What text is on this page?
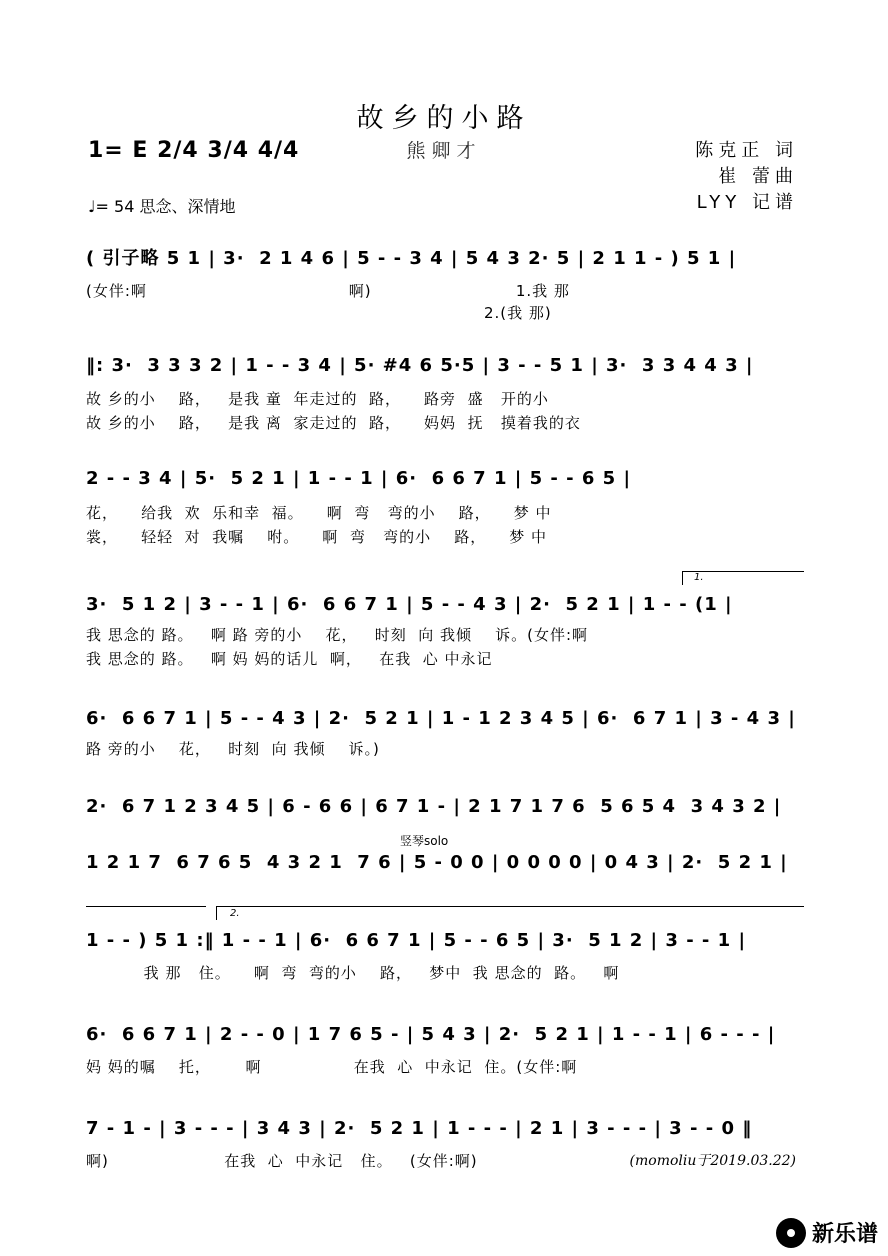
故乡的小路
1= E 2/4 3/4 4/4	熊卿才	陈克正 词
崔 蕾曲
LYY 记谱
♩= 54 思念、深情地
( 引子略 5 1 | 3·  2 1 4 6 | 5 - - 3 4 | 5 4 3 2· 5 | 2 1 1 - ) 5 1 |
(女伴:啊                                   啊)                         1.我 那
2.(我 那)
‖: 3·  3 3 3 2 | 1 - - 3 4 | 5· #4 6 5·5 | 3 - - 5 1 | 3·  3 3 4 4 3 |
故 乡的小    路，   是我 童  年走过的  路，    路旁  盛   开的小
故 乡的小    路，   是我 离  家走过的  路，    妈妈  抚   摸着我的衣
2 - - 3 4 | 5·  5 2 1 | 1 - - 1 | 6·  6 6 7 1 | 5 - - 6 5 |
花，    给我  欢  乐和幸  福。    啊  弯   弯的小    路，    梦 中
裳，    轻轻  对  我嘱    咐。    啊  弯   弯的小    路，    梦 中
1.
3·  5 1 2 | 3 - - 1 | 6·  6 6 7 1 | 5 - - 4 3 | 2·  5 2 1 | 1 - - (1 |
我 思念的 路。   啊 路 旁的小    花，   时刻  向 我倾    诉。(女伴:啊
我 思念的 路。   啊 妈 妈的话儿  啊，   在我  心 中永记
6·  6 6 7 1 | 5 - - 4 3 | 2·  5 2 1 | 1 - 1 2 3 4 5 | 6·  6 7 1 | 3 - 4 3 |
路 旁的小    花，   时刻  向 我倾    诉。)
2·  6 7 1 2 3 4 5 | 6 - 6 6 | 6 7 1 - | 2 1 7 1 7 6  5 6 5 4  3 4 3 2 |
竖琴solo
1 2 1 7  6 7 6 5  4 3 2 1  7 6 | 5 - 0 0 | 0 0 0 0 | 0 4 3 | 2·  5 2 1 |
2.
1 - - ) 5 1 :‖ 1 - - 1 | 6·  6 6 7 1 | 5 - - 6 5 | 3·  5 1 2 | 3 - - 1 |
我 那   住。    啊  弯  弯的小    路，   梦中  我 思念的  路。   啊
6·  6 6 7 1 | 2 - - 0 | 1 7 6 5 - | 5 4 3 | 2·  5 2 1 | 1 - - 1 | 6 - - - |
妈 妈的嘱    托，      啊                在我  心  中永记  住。(女伴:啊
7 - 1 - | 3 - - - | 3 4 3 | 2·  5 2 1 | 1 - - - | 2 1 | 3 - - - | 3 - - 0 ‖
啊)                    在我  心  中永记   住。   (女伴:啊)	(momoliu于2019.03.22)
新乐谱
